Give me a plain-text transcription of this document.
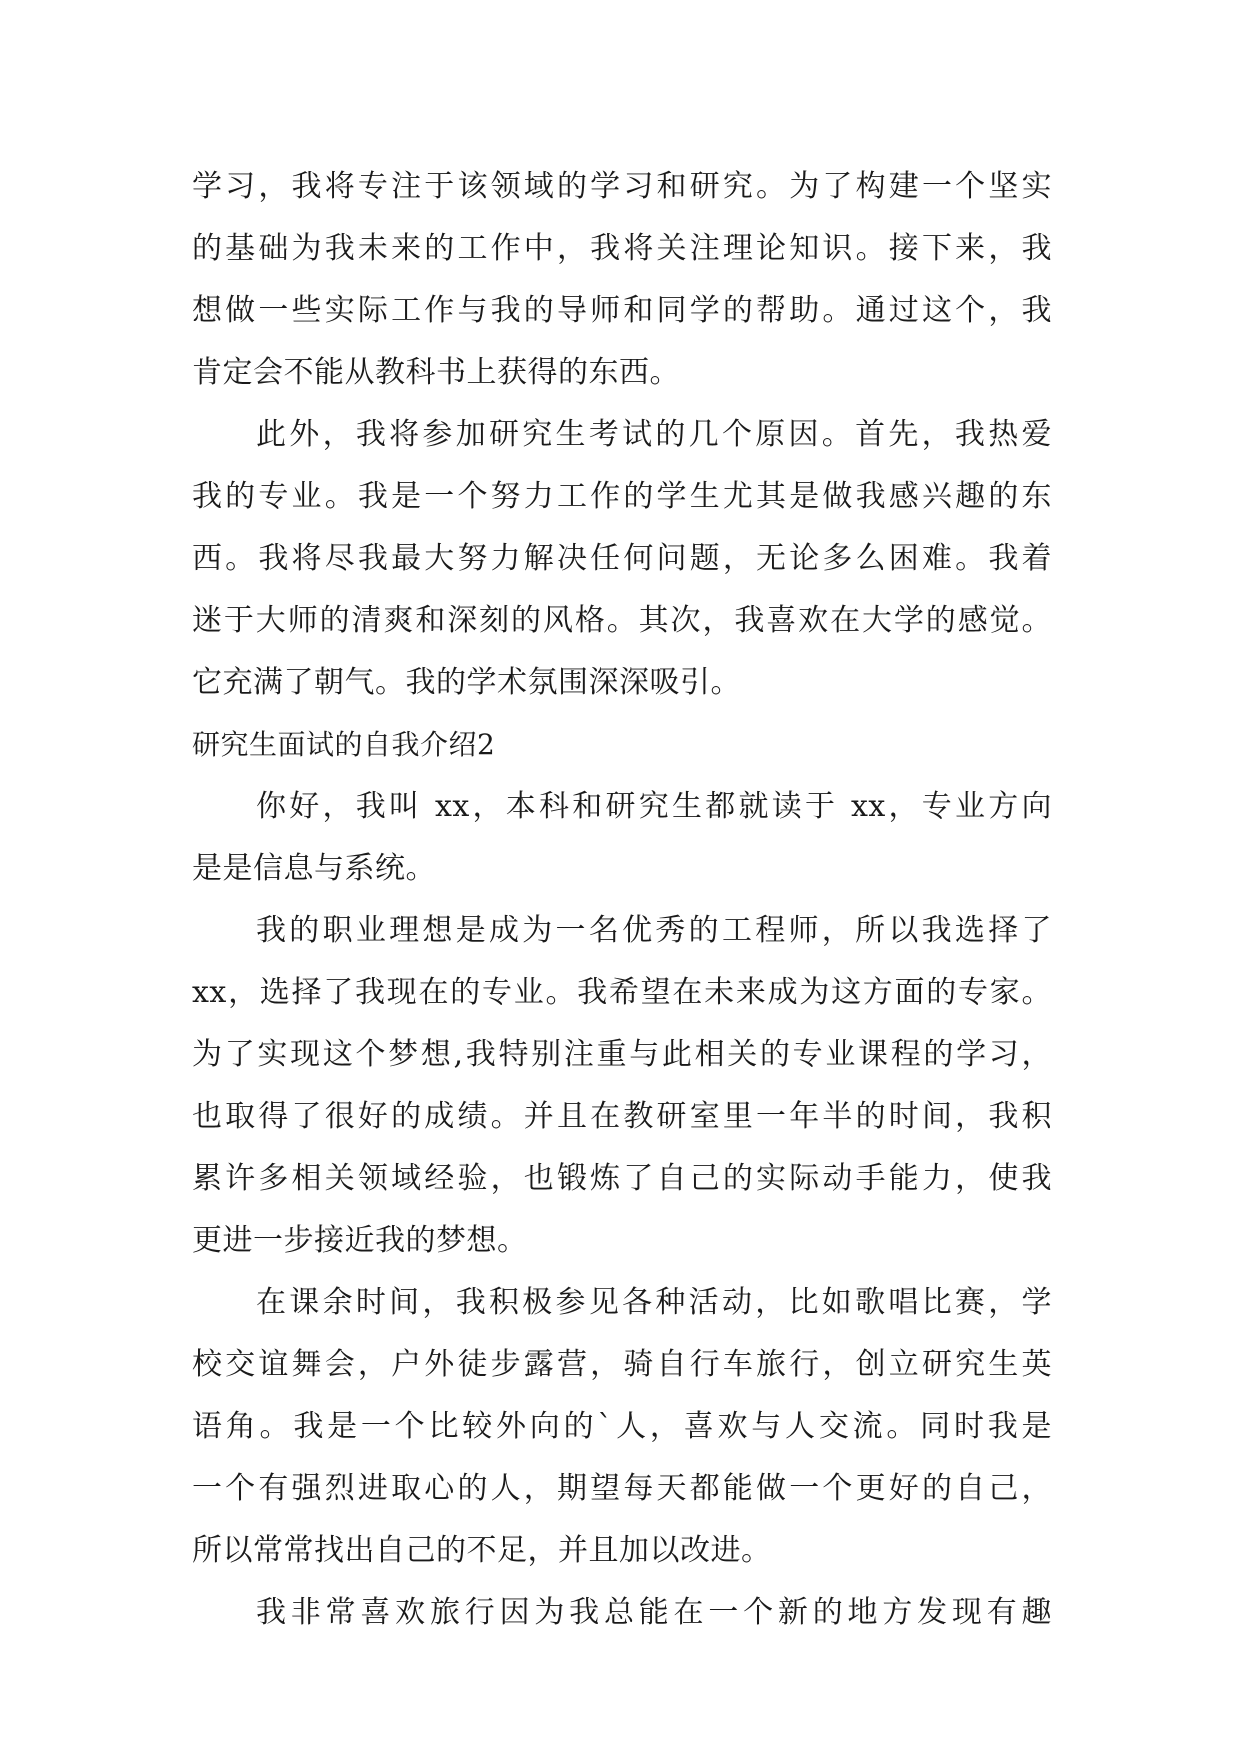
学习，我将专注于该领域的学习和研究。为了构建一个坚实
的基础为我未来的工作中，我将关注理论知识。接下来，我
想做一些实际工作与我的导师和同学的帮助。通过这个，我
肯定会不能从教科书上获得的东西。
此外，我将参加研究生考试的几个原因。首先，我热爱
我的专业。我是一个努力工作的学生尤其是做我感兴趣的东
西。我将尽我最大努力解决任何问题，无论多么困难。我着
迷于大师的清爽和深刻的风格。其次，我喜欢在大学的感觉。
它充满了朝气。我的学术氛围深深吸引。
研究生面试的自我介绍2
你好，我叫 xx，本科和研究生都就读于 xx，专业方向
是是信息与系统。
我的职业理想是成为一名优秀的工程师，所以我选择了
xx，选择了我现在的专业。我希望在未来成为这方面的专家。
为了实现这个梦想,我特别注重与此相关的专业课程的学习，
也取得了很好的成绩。并且在教研室里一年半的时间，我积
累许多相关领域经验，也锻炼了自己的实际动手能力，使我
更进一步接近我的梦想。
在课余时间，我积极参见各种活动，比如歌唱比赛，学
校交谊舞会，户外徒步露营，骑自行车旅行，创立研究生英
语角。我是一个比较外向的`人，喜欢与人交流。同时我是
一个有强烈进取心的人，期望每天都能做一个更好的自己，
所以常常找出自己的不足，并且加以改进。
我非常喜欢旅行因为我总能在一个新的地方发现有趣
